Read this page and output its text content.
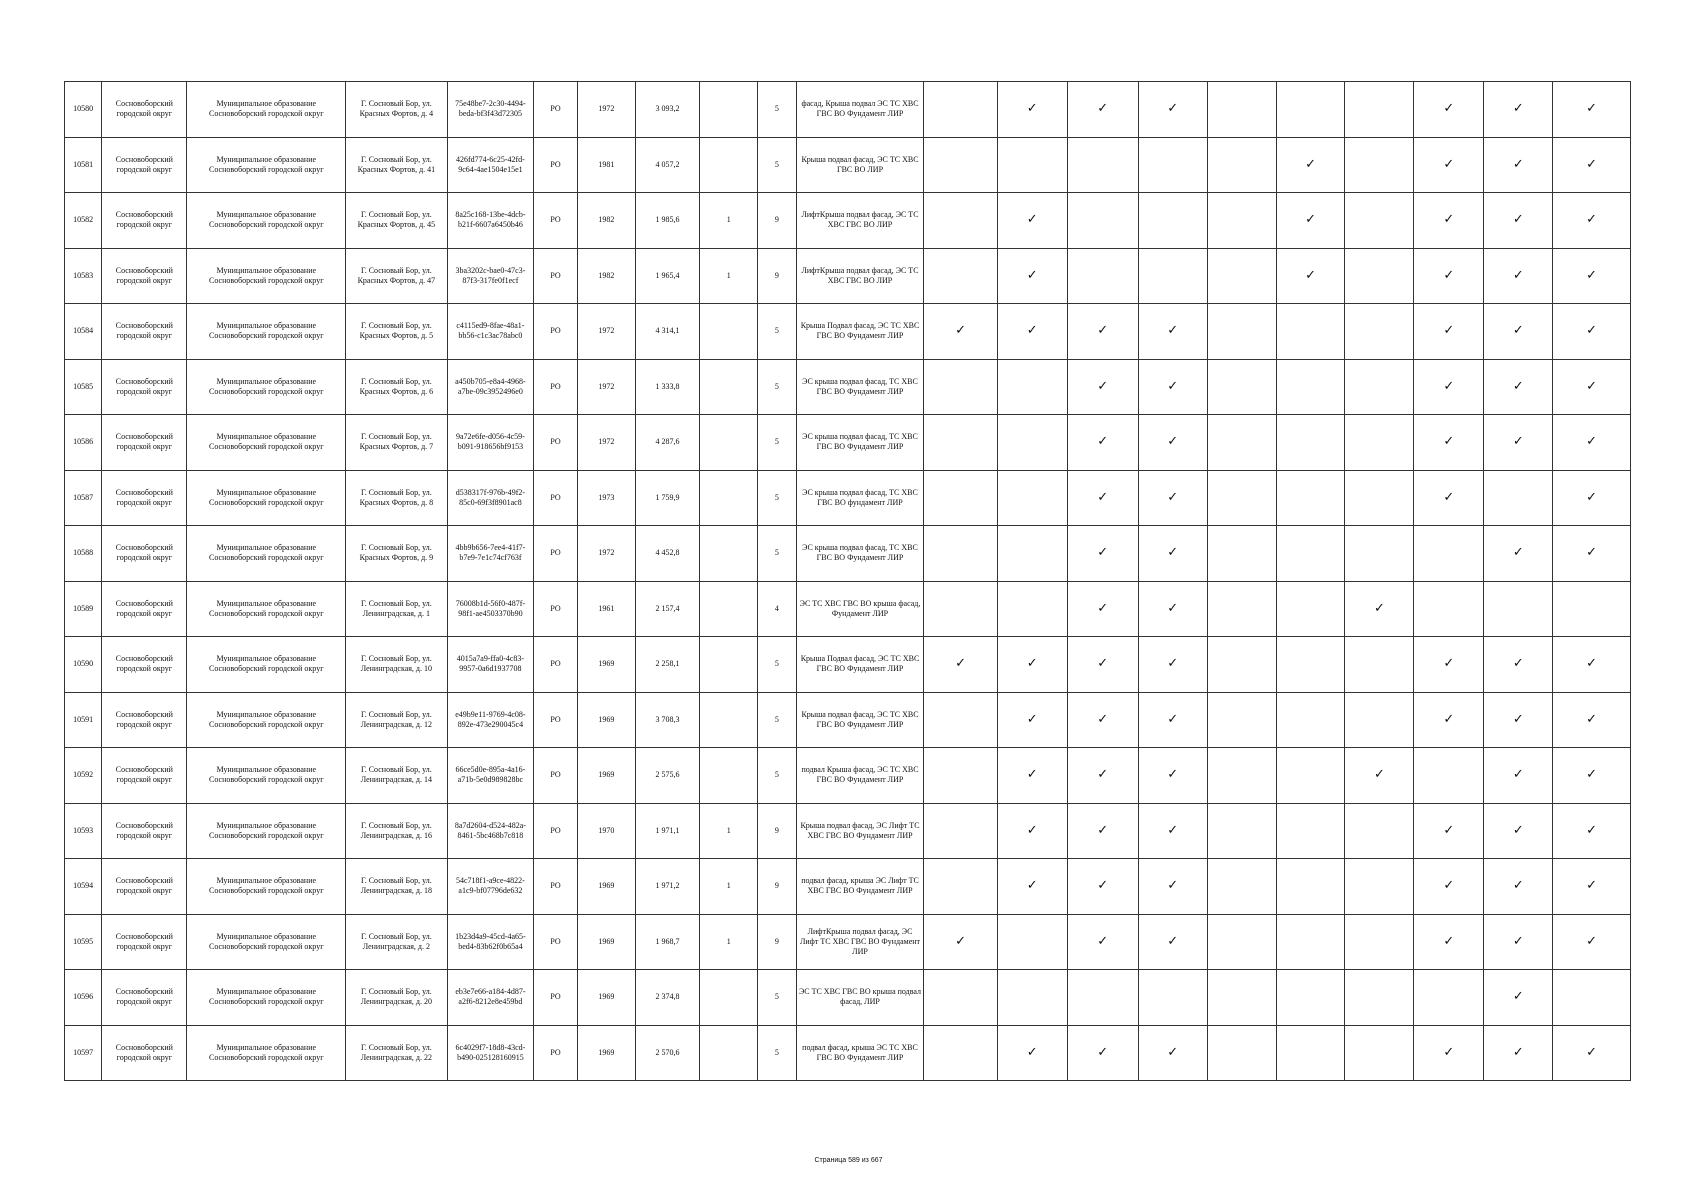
10580	Сосновоборский городской округ	Муниципальное образование Сосновоборский городской округ	Г. Сосновый Бор, ул. Красных Фортов, д. 4	75e48be7-2c30-4494-beda-bf3f43d72305	РО	1972	3 093,2		5	фасад, Крыша подвал ЭС ТС ХВС ГВС ВО Фундамент ЛИР		✓	✓	✓				✓	✓	✓
10581	Сосновоборский городской округ	Муниципальное образование Сосновоборский городской округ	Г. Сосновый Бор, ул. Красных Фортов, д. 41	426fd774-6c25-42fd-9c64-4ae1504e15e1	РО	1981	4 057,2		5	Крыша подвал фасад, ЭС ТС ХВС ГВС ВО ЛИР						✓		✓	✓	✓
10582	Сосновоборский городской округ	Муниципальное образование Сосновоборский городской округ	Г. Сосновый Бор, ул. Красных Фортов, д. 45	8a25c168-13be-4dcb-b21f-6607a6450b46	РО	1982	1 985,6	1	9	ЛифтКрыша подвал фасад, ЭС ТС ХВС ГВС ВО ЛИР		✓				✓		✓	✓	✓
10583	Сосновоборский городской округ	Муниципальное образование Сосновоборский городской округ	Г. Сосновый Бор, ул. Красных Фортов, д. 47	3ba3202c-bae0-47c3-87f3-317fe0f1ecf	РО	1982	1 965,4	1	9	ЛифтКрыша подвал фасад, ЭС ТС ХВС ГВС ВО ЛИР		✓				✓		✓	✓	✓
10584	Сосновоборский городской округ	Муниципальное образование Сосновоборский городской округ	Г. Сосновый Бор, ул. Красных Фортов, д. 5	c4115ed9-8fae-48a1-bb56-c1c3ac78abc0	РО	1972	4 314,1		5	Крыша Подвал фасад, ЭС ТС ХВС ГВС ВО Фундамент ЛИР	✓	✓	✓	✓				✓	✓	✓
10585	Сосновоборский городской округ	Муниципальное образование Сосновоборский городской округ	Г. Сосновый Бор, ул. Красных Фортов, д. 6	a450b705-e8a4-4968-a7be-09c3952496e0	РО	1972	1 333,8		5	ЭС крыша подвал фасад, ТС ХВС ГВС ВО Фундамент ЛИР			✓	✓				✓	✓	✓
10586	Сосновоборский городской округ	Муниципальное образование Сосновоборский городской округ	Г. Сосновый Бор, ул. Красных Фортов, д. 7	9a72e6fe-d056-4c59-b091-918656bf9153	РО	1972	4 287,6		5	ЭС крыша подвал фасад, ТС ХВС ГВС ВО Фундамент ЛИР			✓	✓				✓	✓	✓
10587	Сосновоборский городской округ	Муниципальное образование Сосновоборский городской округ	Г. Сосновый Бор, ул. Красных Фортов, д. 8	d538317f-976b-49f2-85c0-69f3f8901ac8	РО	1973	1 759,9		5	ЭС крыша подвал фасад, ТС ХВС ГВС ВО фундамент ЛИР			✓	✓				✓		✓
10588	Сосновоборский городской округ	Муниципальное образование Сосновоборский городской округ	Г. Сосновый Бор, ул. Красных Фортов, д. 9	4bb9b656-7ee4-41f7-b7e9-7e1c74cf763f	РО	1972	4 452,8		5	ЭС крыша подвал фасад, ТС ХВС ГВС ВО Фундамент ЛИР			✓	✓					✓	✓
10589	Сосновоборский городской округ	Муниципальное образование Сосновоборский городской округ	Г. Сосновый Бор, ул. Ленинградская, д. 1	76008b1d-56f0-487f-98f1-ae4503370b90	РО	1961	2 157,4		4	ЭС ТС ХВС ГВС ВО крыша фасад, Фундамент ЛИР			✓	✓			✓			
10590	Сосновоборский городской округ	Муниципальное образование Сосновоборский городской округ	Г. Сосновый Бор, ул. Ленинградская, д. 10	4015a7a9-ffa0-4c83-9957-0a6d1937708	РО	1969	2 258,1		5	Крыша Подвал фасад, ЭС ТС ХВС ГВС ВО Фундамент ЛИР	✓	✓	✓	✓				✓	✓	✓
10591	Сосновоборский городской округ	Муниципальное образование Сосновоборский городской округ	Г. Сосновый Бор, ул. Ленинградская, д. 12	e49b9e11-9769-4c08-892e-473e290045c4	РО	1969	3 708,3		5	Крыша подвал фасад, ЭС ТС ХВС ГВС ВО Фундамент ЛИР		✓	✓	✓				✓	✓	✓
10592	Сосновоборский городской округ	Муниципальное образование Сосновоборский городской округ	Г. Сосновый Бор, ул. Ленинградская, д. 14	66ce5d0e-895a-4a16-a71b-5e0d989828bc	РО	1969	2 575,6		5	подвал Крыша фасад, ЭС ТС ХВС ГВС ВО Фундамент ЛИР		✓	✓	✓			✓		✓	✓
10593	Сосновоборский городской округ	Муниципальное образование Сосновоборский городской округ	Г. Сосновый Бор, ул. Ленинградская, д. 16	8a7d2604-d524-482a-8461-5bc468b7c818	РО	1970	1 971,1	1	9	Крыша подвал фасад, ЭС Лифт ТС ХВС ГВС ВО Фундамент ЛИР		✓	✓	✓				✓	✓	✓
10594	Сосновоборский городской округ	Муниципальное образование Сосновоборский городской округ	Г. Сосновый Бор, ул. Ленинградская, д. 18	54c718f1-a9ce-4822-a1c9-bf07796de632	РО	1969	1 971,2	1	9	подвал фасад, крыша ЭС Лифт ТС ХВС ГВС ВО Фундамент ЛИР		✓	✓	✓				✓	✓	✓
10595	Сосновоборский городской округ	Муниципальное образование Сосновоборский городской округ	Г. Сосновый Бор, ул. Ленинградская, д. 2	1b23d4a9-45cd-4a65-bed4-83b62f0b65a4	РО	1969	1 968,7	1	9	ЛифтКрыша подвал фасад, ЭС Лифт ТС ХВС ГВС ВО Фундамент ЛИР	✓		✓	✓				✓	✓	✓
10596	Сосновоборский городской округ	Муниципальное образование Сосновоборский городской округ	Г. Сосновый Бор, ул. Ленинградская, д. 20	eb3e7e66-a184-4d87-a2f6-8212e8e459bd	РО	1969	2 374,8		5	ЭС ТС ХВС ГВС ВО крыша подвал фасад, ЛИР									✓	
10597	Сосновоборский городской округ	Муниципальное образование Сосновоборский городской округ	Г. Сосновый Бор, ул. Ленинградская, д. 22	6c4029f7-18d8-43cd-b490-025128160915	РО	1969	2 570,6		5	подвал фасад, крыша ЭС ТС ХВС ГВС ВО Фундамент ЛИР		✓	✓	✓				✓	✓	✓
Страница 589 из 667
